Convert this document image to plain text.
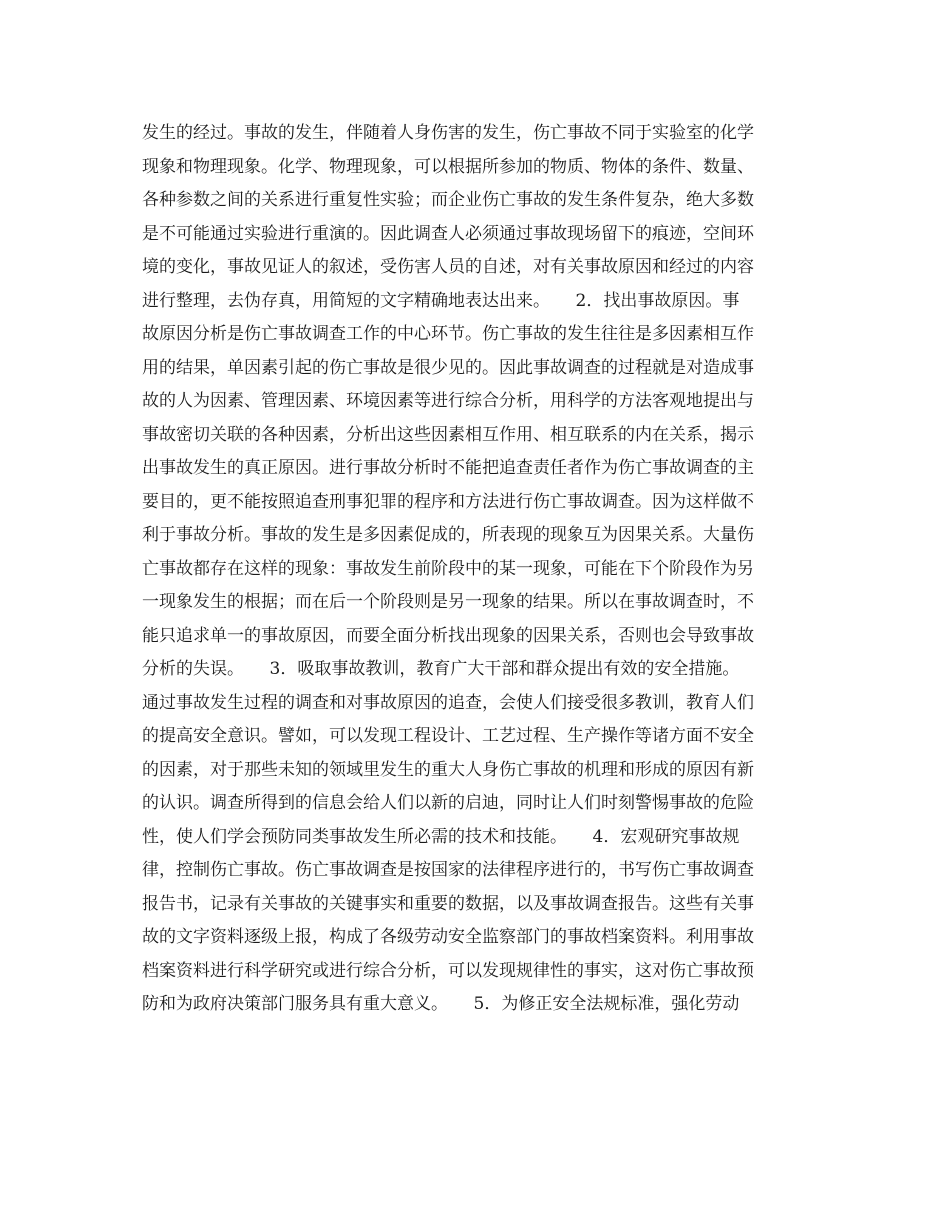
发生的经过。事故的发生，伴随着人身伤害的发生，伤亡事故不同于实验室的化学
现象和物理现象。化学、物理现象，可以根据所参加的物质、物体的条件、数量、
各种参数之间的关系进行重复性实验；而企业伤亡事故的发生条件复杂，绝大多数
是不可能通过实验进行重演的。因此调查人必须通过事故现场留下的痕迹，空间环
境的变化，事故见证人的叙述，受伤害人员的自述，对有关事故原因和经过的内容
进行整理，去伪存真，用简短的文字精确地表达出来。　　2．找出事故原因。事
故原因分析是伤亡事故调查工作的中心环节。伤亡事故的发生往往是多因素相互作
用的结果，单因素引起的伤亡事故是很少见的。因此事故调查的过程就是对造成事
故的人为因素、管理因素、环境因素等进行综合分析，用科学的方法客观地提出与
事故密切关联的各种因素，分析出这些因素相互作用、相互联系的内在关系，揭示
出事故发生的真正原因。进行事故分析时不能把追查责任者作为伤亡事故调查的主
要目的，更不能按照追查刑事犯罪的程序和方法进行伤亡事故调查。因为这样做不
利于事故分析。事故的发生是多因素促成的，所表现的现象互为因果关系。大量伤
亡事故都存在这样的现象：事故发生前阶段中的某一现象，可能在下个阶段作为另
一现象发生的根据；而在后一个阶段则是另一现象的结果。所以在事故调查时，不
能只追求单一的事故原因，而要全面分析找出现象的因果关系，否则也会导致事故
分析的失误。　　3．吸取事故教训，教育广大干部和群众提出有效的安全措施。
通过事故发生过程的调查和对事故原因的追查，会使人们接受很多教训，教育人们
的提高安全意识。譬如，可以发现工程设计、工艺过程、生产操作等诸方面不安全
的因素，对于那些未知的领域里发生的重大人身伤亡事故的机理和形成的原因有新
的认识。调查所得到的信息会给人们以新的启迪，同时让人们时刻警惕事故的危险
性，使人们学会预防同类事故发生所必需的技术和技能。　　4．宏观研究事故规
律，控制伤亡事故。伤亡事故调查是按国家的法律程序进行的，书写伤亡事故调查
报告书，记录有关事故的关键事实和重要的数据，以及事故调查报告。这些有关事
故的文字资料逐级上报，构成了各级劳动安全监察部门的事故档案资料。利用事故
档案资料进行科学研究或进行综合分析，可以发现规律性的事实，这对伤亡事故预
防和为政府决策部门服务具有重大意义。　　5．为修正安全法规标准，强化劳动
